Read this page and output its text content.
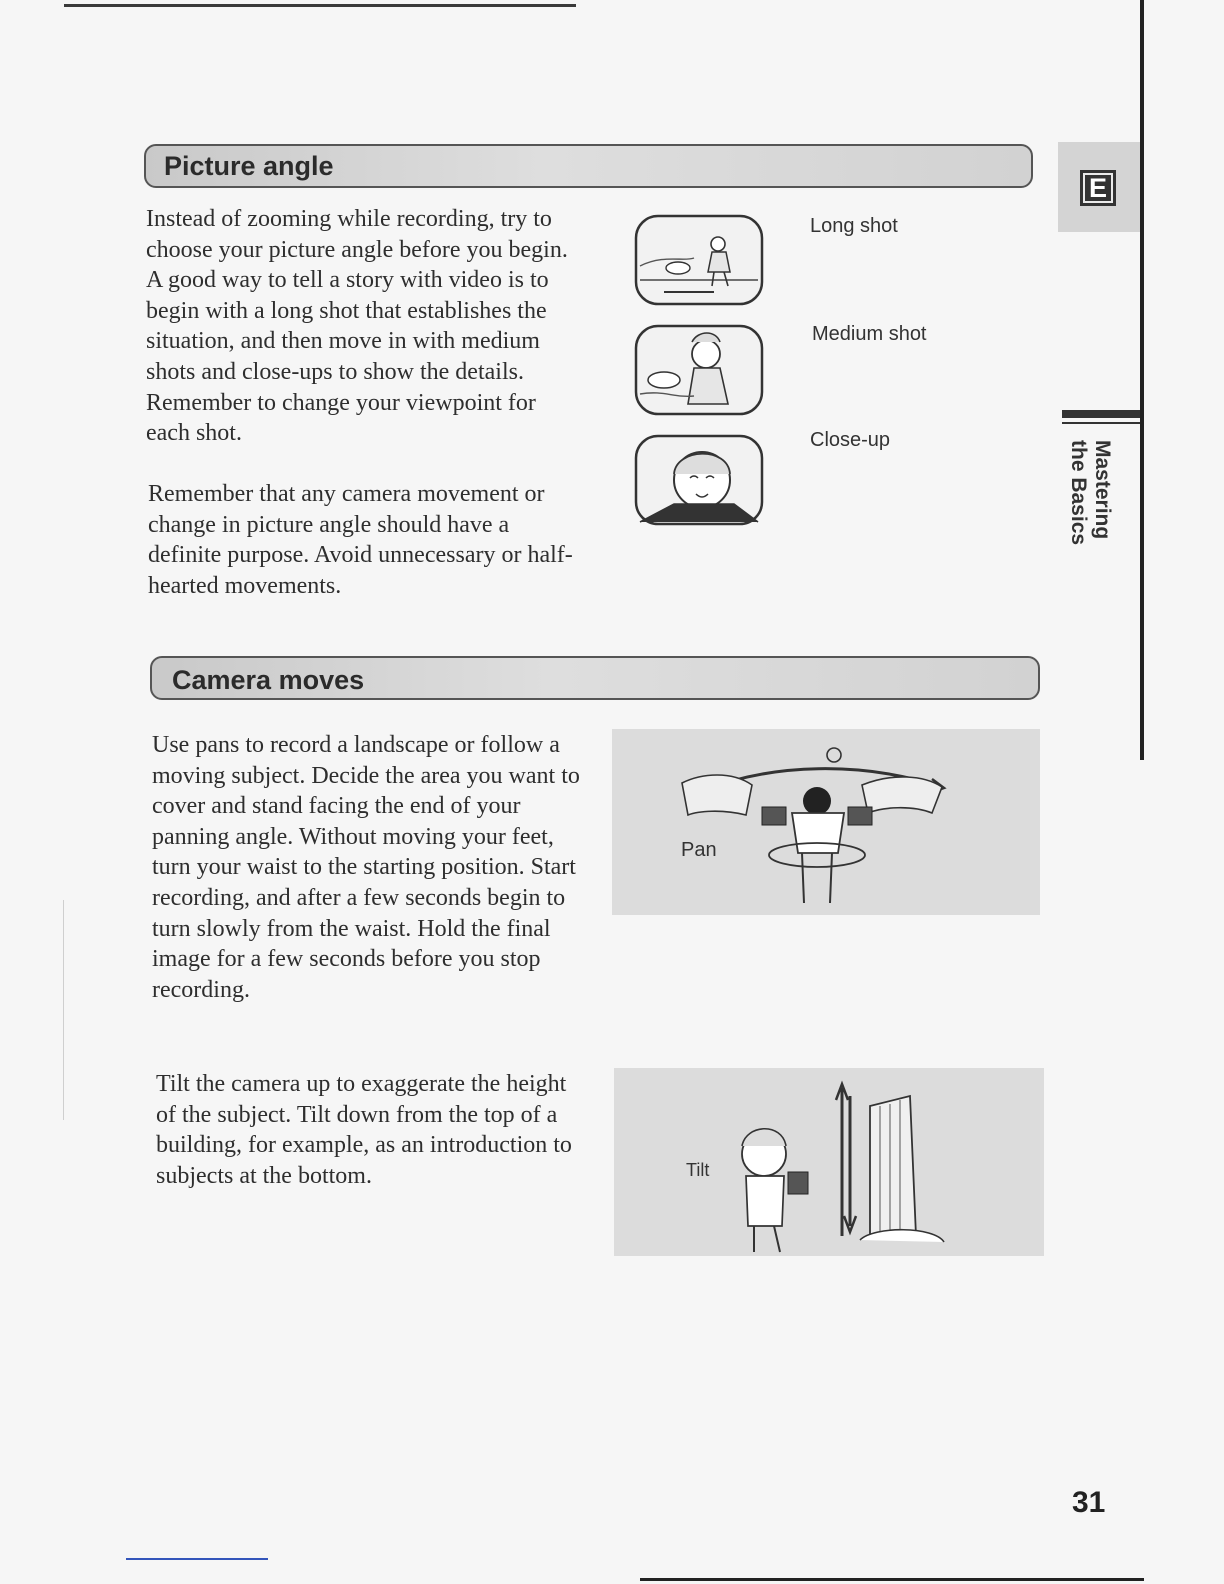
E
Mastering
the Basics
Picture angle

Instead of zooming while recording, try to choose your picture angle before you begin. A good way to tell a story with video is to begin with a long shot that establishes the situation, and then move in with medium shots and close-ups to show the details. Remember to change your viewpoint for each shot.

Remember that any camera movement or change in picture angle should have a definite purpose. Avoid unnecessary or half-hearted movements.

Long shot
Medium shot
Close-up
Camera moves

Use pans to record a landscape or follow a moving subject. Decide the area you want to cover and stand facing the end of your panning angle. Without moving your feet, turn your waist to the starting position. Start recording, and after a few seconds begin to turn slowly from the waist. Hold the final image for a few seconds before you stop recording.

Tilt the camera up to exaggerate the height of the subject. Tilt down from the top of a building, for example, as an introduction to subjects at the bottom.

Pan
Tilt
31
